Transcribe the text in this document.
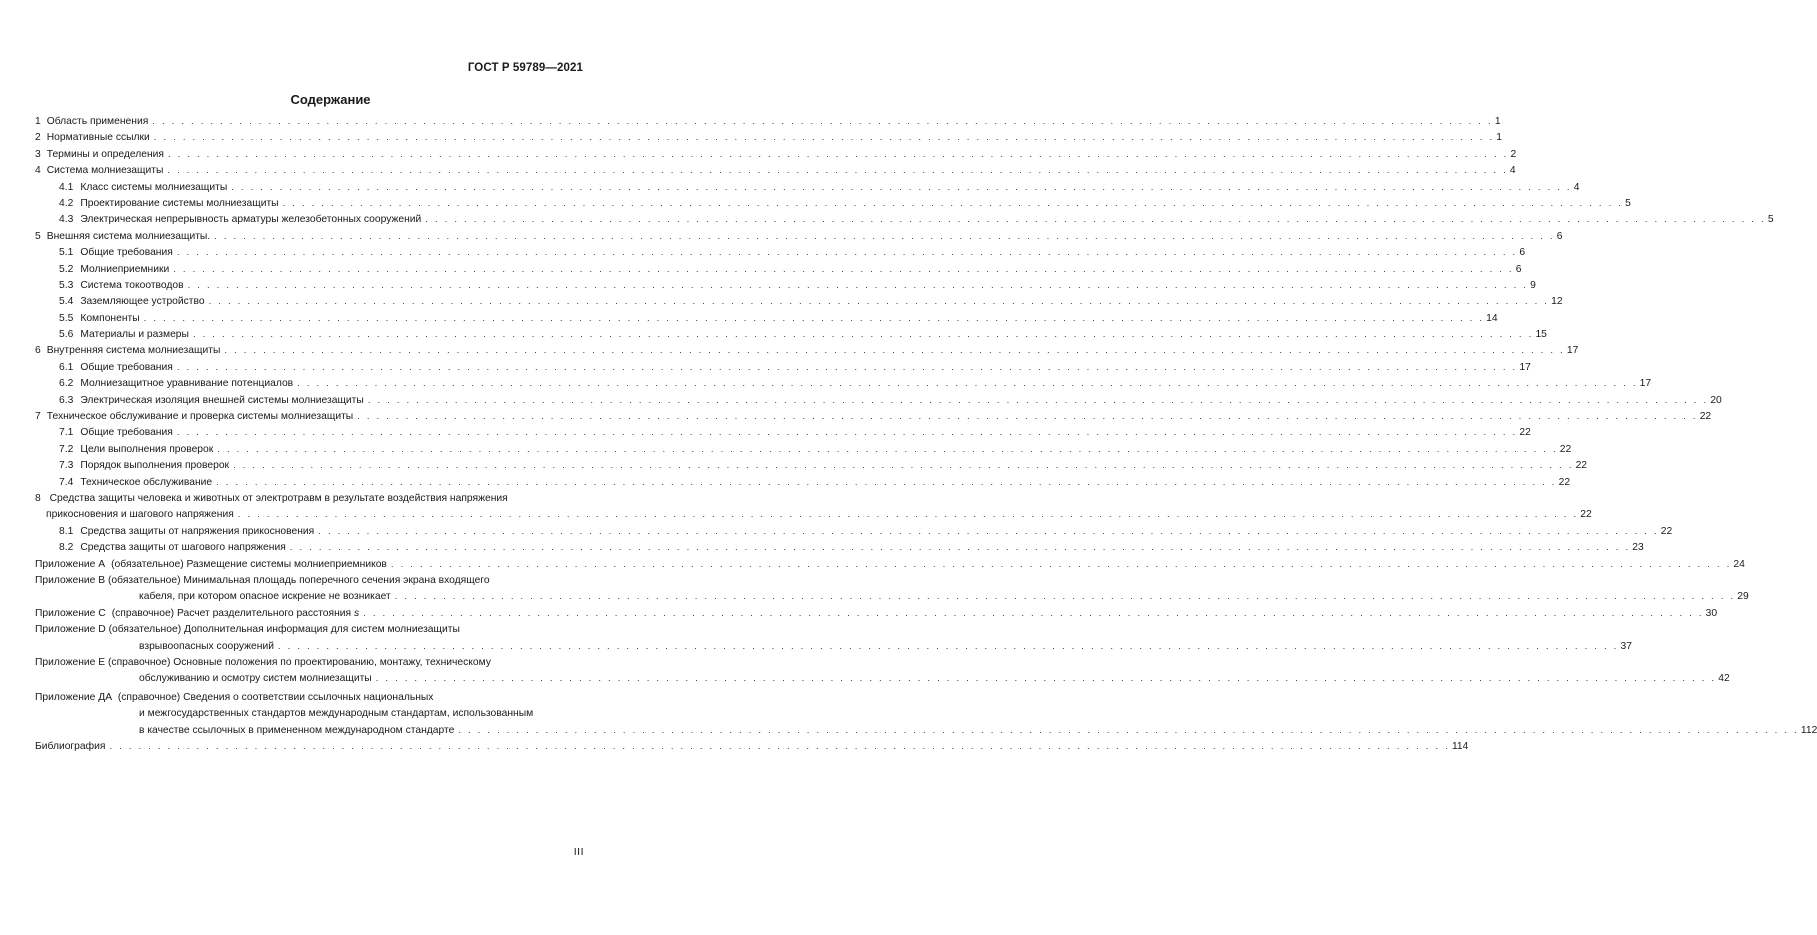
ГОСТ Р 59789—2021
Содержание
1 Область применения . . .	1
2 Нормативные ссылки . . .	1
3 Термины и определения . . .	2
4 Система молниезащиты . . .	4
4.1 Класс системы молниезащиты . . .	4
4.2 Проектирование системы молниезащиты . . .	5
4.3 Электрическая непрерывность арматуры железобетонных сооружений . . .	5
5 Внешняя система молниезащиты. . . .	6
5.1 Общие требования . . .	6
5.2 Молниеприемники . . .	6
5.3 Система токоотводов . . .	9
5.4 Заземляющее устройство . . .	12
5.5 Компоненты . . .	14
5.6 Материалы и размеры . . .	15
6 Внутренняя система молниезащиты . . .	17
6.1 Общие требования . . .	17
6.2 Молниезащитное уравнивание потенциалов . . .	17
6.3 Электрическая изоляция внешней системы молниезащиты . . .	20
7 Техническое обслуживание и проверка системы молниезащиты . . .	22
7.1 Общие требования . . .	22
7.2 Цели выполнения проверок . . .	22
7.3 Порядок выполнения проверок . . .	22
7.4 Техническое обслуживание . . .	22
8 Средства защиты человека и животных от электротравм в результате воздействия напряжения
прикосновения и шагового напряжения . . .	22
8.1 Средства защиты от напряжения прикосновения . . .	22
8.2 Средства защиты от шагового напряжения . . .	23
Приложение А (обязательное) Размещение системы молниеприемников . . .	24
Приложение В (обязательное) Минимальная площадь поперечного сечения экрана входящего
кабеля, при котором опасное искрение не возникает . . .	29
Приложение С (справочное) Расчет разделительного расстояния s . . .	30
Приложение D (обязательное) Дополнительная информация для систем молниезащиты
взрывоопасных сооружений . . .	37
Приложение Е (справочное) Основные положения по проектированию, монтажу, техническому
обслуживанию и осмотру систем молниезащиты . . .	42
Приложение ДА (справочное) Сведения о соответствии ссылочных национальных
и межгосударственных стандартов международным стандартам, использованным
в качестве ссылочных в примененном международном стандарте . . .	112
Библиография . . .	114
III
